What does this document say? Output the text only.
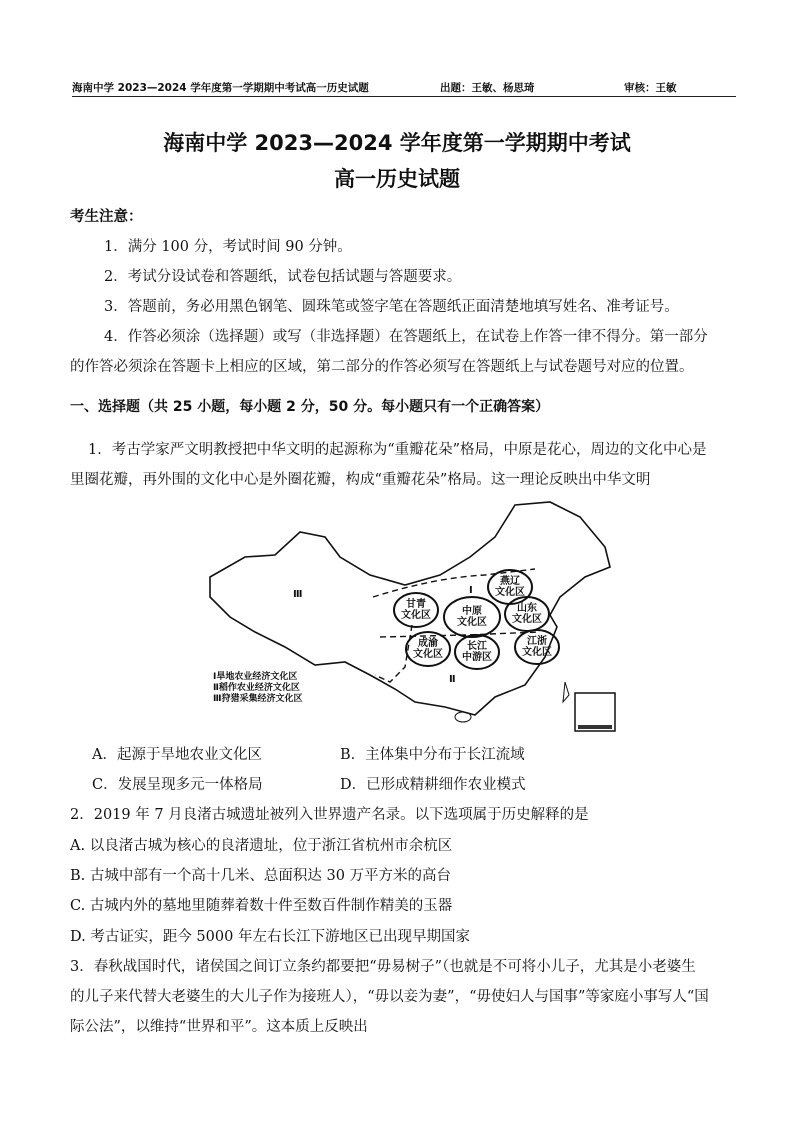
海南中学 2023—2024 学年度第一学期期中考试高一历史试题	出题：王敏、杨思琦	审核：王敏
海南中学 2023—2024 学年度第一学期期中考试
高一历史试题
考生注意：
1．满分 100 分，考试时间 90 分钟。
2．考试分设试卷和答题纸，试卷包括试题与答题要求。
3．答题前，务必用黑色钢笔、圆珠笔或签字笔在答题纸正面清楚地填写姓名、准考证号。
4．作答必须涂（选择题）或写（非选择题）在答题纸上，在试卷上作答一律不得分。第一部分
的作答必须涂在答题卡上相应的区域，第二部分的作答必须写在答题纸上与试卷题号对应的位置。
一、选择题（共 25 小题，每小题 2 分，50 分。每小题只有一个正确答案）
1．考古学家严文明教授把中华文明的起源称为“重瓣花朵”格局，中原是花心，周边的文化中心是
里圈花瓣，再外围的文化中心是外圈花瓣，构成“重瓣花朵”格局。这一理论反映出中华文明
燕辽
文化区
甘青
文化区	中原
文化区
山东
文化区
成渝
文化区
长江
中游区
江浙
文化区
Ⅰ
Ⅱ
Ⅲ
Ⅰ旱地农业经济文化区
Ⅱ稻作农业经济文化区
Ⅲ狩猎采集经济文化区
A．起源于旱地农业文化区	B．主体集中分布于长江流域
C．发展呈现多元一体格局	D．已形成精耕细作农业模式
2．2019 年 7 月良渚古城遗址被列入世界遗产名录。以下选项属于历史解释的是
A. 以良渚古城为核心的良渚遗址，位于浙江省杭州市余杭区
B. 古城中部有一个高十几米、总面积达 30 万平方米的高台
C. 古城内外的墓地里随葬着数十件至数百件制作精美的玉器
D. 考古证实，距今 5000 年左右长江下游地区已出现早期国家
3．春秋战国时代，诸侯国之间订立条约都要把“毋易树子”（也就是不可将小儿子，尤其是小老婆生
的儿子来代替大老婆生的大儿子作为接班人），“毋以妾为妻”，“毋使妇人与国事”等家庭小事写人“国
际公法”，以维持“世界和平”。这本质上反映出
